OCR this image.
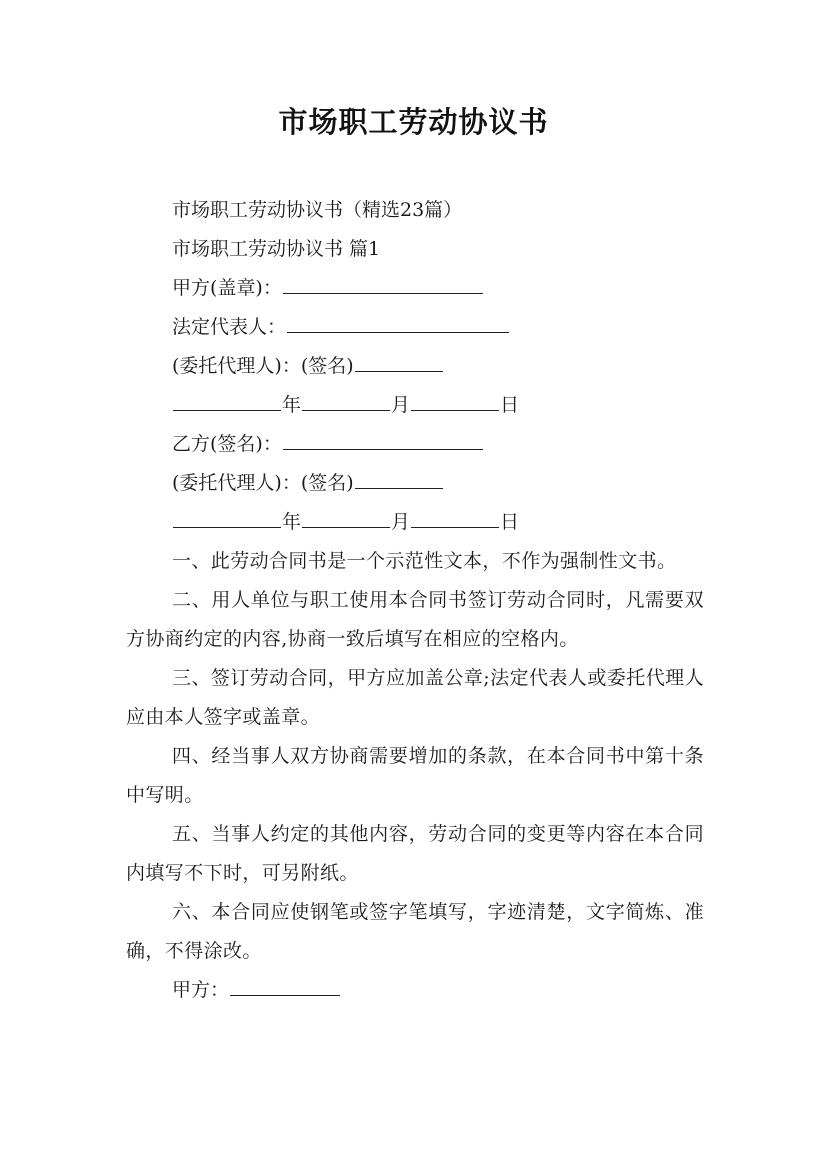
市场职工劳动协议书
市场职工劳动协议书（精选23篇）
市场职工劳动协议书 篇1
甲方(盖章)：
法定代表人：
(委托代理人)：(签名)
年	月	日
乙方(签名)：
(委托代理人)：(签名)
年	月	日

一、此劳动合同书是一个示范性文本，不作为强制性文书。

二、用人单位与职工使用本合同书签订劳动合同时，凡需要双方协商约定的内容,协商一致后填写在相应的空格内。

三、签订劳动合同，甲方应加盖公章;法定代表人或委托代理人应由本人签字或盖章。

四、经当事人双方协商需要增加的条款，在本合同书中第十条中写明。

五、当事人约定的其他内容，劳动合同的变更等内容在本合同内填写不下时，可另附纸。

六、本合同应使钢笔或签字笔填写，字迹清楚，文字简炼、准确，不得涂改。

甲方：
